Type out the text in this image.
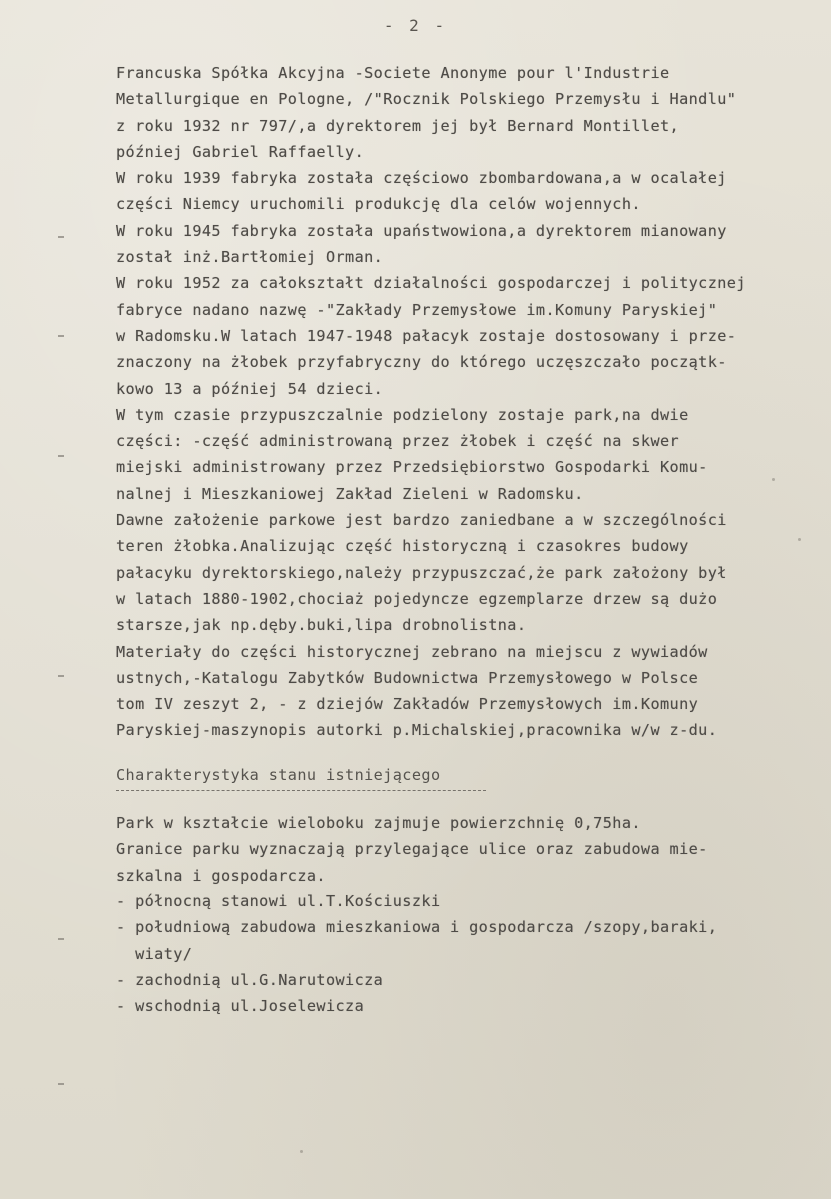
- 2 -
Francuska Spółka Akcyjna -Societe Anonyme pour l'Industrie
Metallurgique en Pologne, /"Rocznik Polskiego Przemysłu i Handlu"
z roku 1932 nr 797/,a dyrektorem jej był Bernard Montillet,
później Gabriel Raffaelly.
W roku 1939 fabryka została częściowo zbombardowana,a w ocalałej
części Niemcy uruchomili produkcję dla celów wojennych.
W roku 1945 fabryka została upaństwowiona,a dyrektorem mianowany
został inż.Bartłomiej Orman.
W roku 1952 za całokształt działalności gospodarczej i politycznej
fabryce nadano nazwę -"Zakłady Przemysłowe im.Komuny Paryskiej"
w Radomsku.W latach 1947-1948 pałacyk zostaje dostosowany i prze-
znaczony na żłobek przyfabryczny do którego uczęszczało początk-
kowo 13 a później 54 dzieci.
W tym czasie przypuszczalnie podzielony zostaje park,na dwie
części: -część administrowaną przez żłobek i część na skwer
miejski administrowany przez Przedsiębiorstwo Gospodarki Komu-
nalnej i Mieszkaniowej Zakład Zieleni w Radomsku.
Dawne założenie parkowe jest bardzo zaniedbane a w szczególności
teren żłobka.Analizując część historyczną i czasokres budowy
pałacyku dyrektorskiego,należy przypuszczać,że park założony był
w latach 1880-1902,chociaż pojedyncze egzemplarze drzew są dużo
starsze,jak np.dęby.buki,lipa drobnolistna.
Materiały do części historycznej zebrano na miejscu z wywiadów
ustnych,-Katalogu Zabytków Budownictwa Przemysłowego w Polsce
tom IV zeszyt 2, - z dziejów Zakładów Przemysłowych im.Komuny
Paryskiej-maszynopis autorki p.Michalskiej,pracownika w/w z-du.
Charakterystyka stanu istniejącego
Park w kształcie wieloboku zajmuje powierzchnię 0,75ha.
Granice parku wyznaczają przylegające ulice oraz zabudowa mie-
szkalna i gospodarcza.
- północną stanowi ul.T.Kościuszki
- południową zabudowa mieszkaniowa i gospodarcza /szopy,baraki,
wiaty/
- zachodnią ul.G.Narutowicza
- wschodnią ul.Joselewicza
